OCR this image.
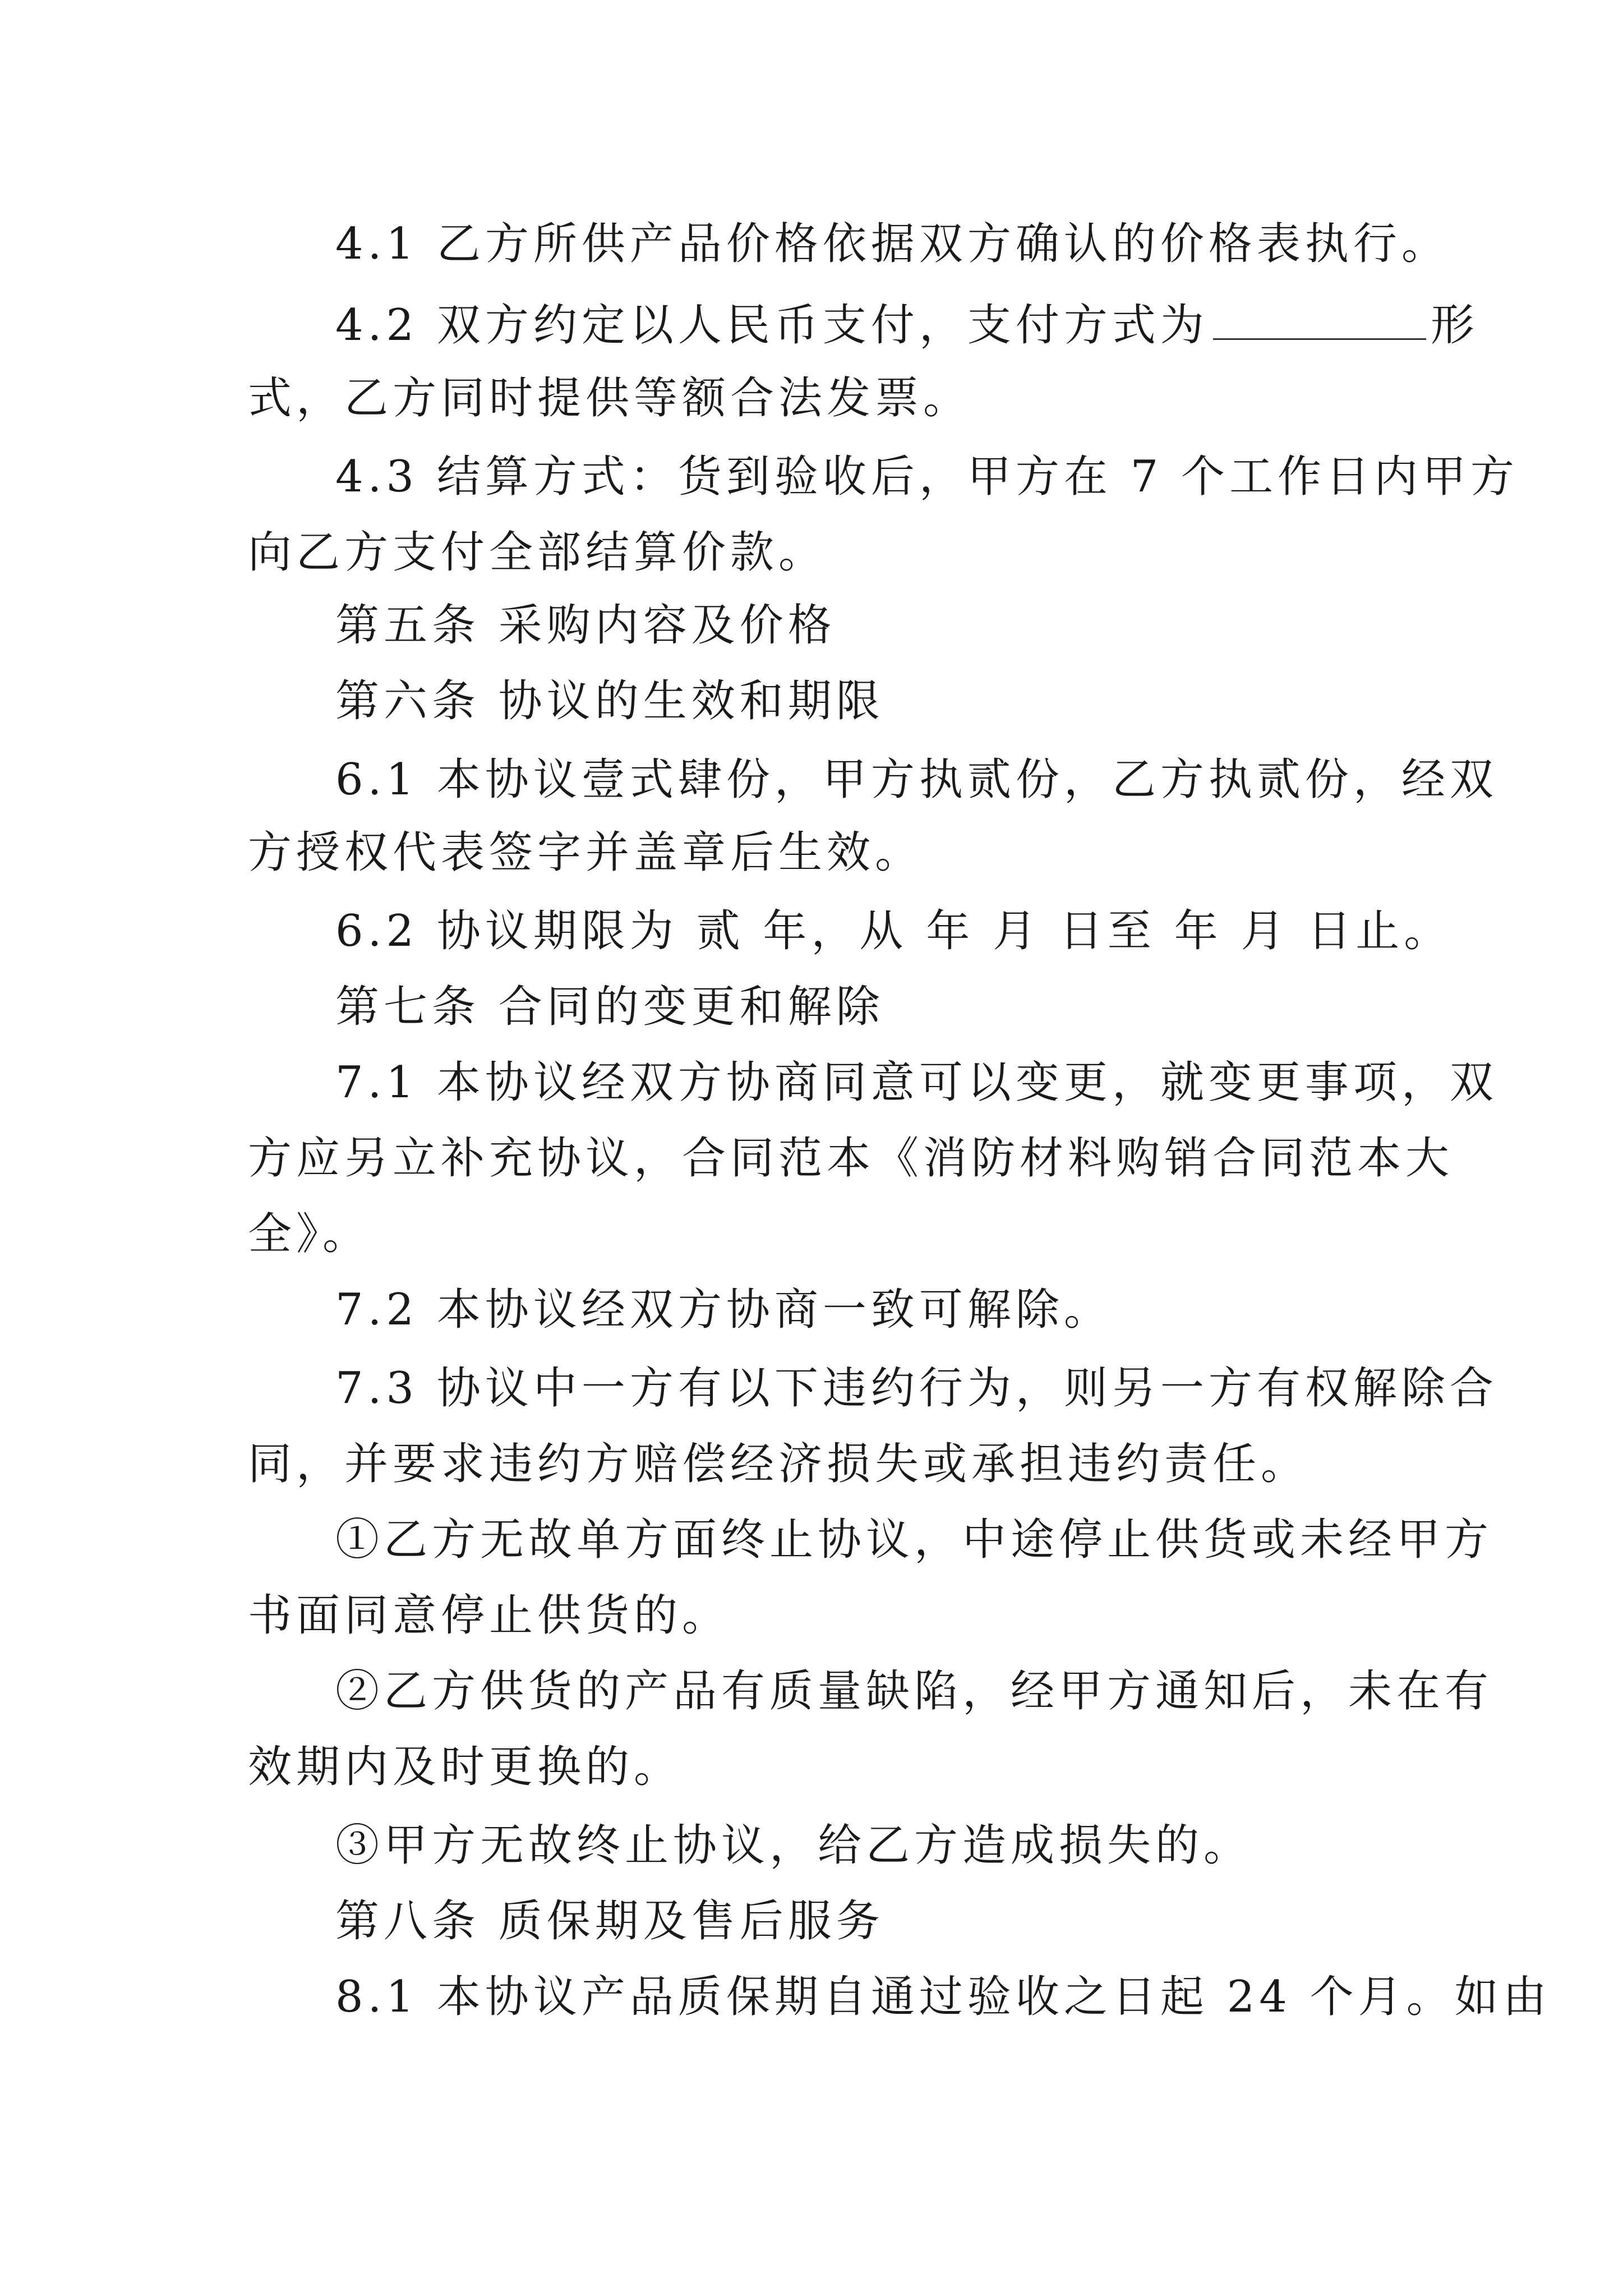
4.1 乙方所供产品价格依据双方确认的价格表执行。

4.2 双方约定以人民币支付，支付方式为	形

式，乙方同时提供等额合法发票。

4.3 结算方式：货到验收后，甲方在 7 个工作日内甲方

向乙方支付全部结算价款。

第五条 采购内容及价格

第六条 协议的生效和期限

6.1 本协议壹式肆份，甲方执贰份，乙方执贰份，经双

方授权代表签字并盖章后生效。

6.2 协议期限为 贰 年，从 年 月 日至 年 月 日止。

第七条 合同的变更和解除

7.1 本协议经双方协商同意可以变更，就变更事项，双

方应另立补充协议，合同范本《消防材料购销合同范本大

全》。

7.2 本协议经双方协商一致可解除。

7.3 协议中一方有以下违约行为，则另一方有权解除合

同，并要求违约方赔偿经济损失或承担违约责任。

①乙方无故单方面终止协议，中途停止供货或未经甲方

书面同意停止供货的。

②乙方供货的产品有质量缺陷，经甲方通知后，未在有

效期内及时更换的。

③甲方无故终止协议，给乙方造成损失的。

第八条 质保期及售后服务

8.1 本协议产品质保期自通过验收之日起 24 个月。如由
